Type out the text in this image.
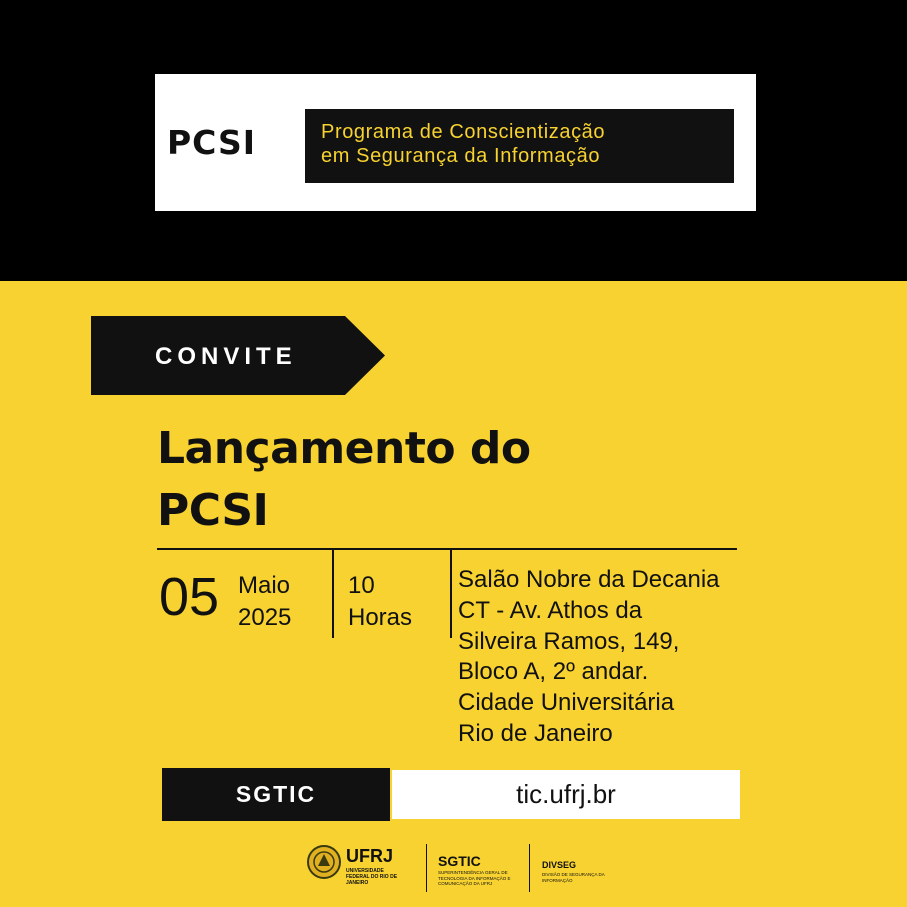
PCSI	Programa de Conscientização
em Segurança da Informação
CONVITE
Lançamento do
PCSI
05 Maio
2025
10
Horas
Salão Nobre da Decania
CT - Av. Athos da
Silveira Ramos, 149,
Bloco A, 2º andar.
Cidade Universitária
Rio de Janeiro
SGTIC	tic.ufrj.br
UFRJ
UNIVERSIDADE FEDERAL DO RIO DE JANEIRO
SGTIC
SUPERINTENDÊNCIA GERAL DE TECNOLOGIA DA INFORMAÇÃO E COMUNICAÇÃO DA UFRJ
DIVSEG
DIVISÃO DE SEGURANÇA DA INFORMAÇÃO
